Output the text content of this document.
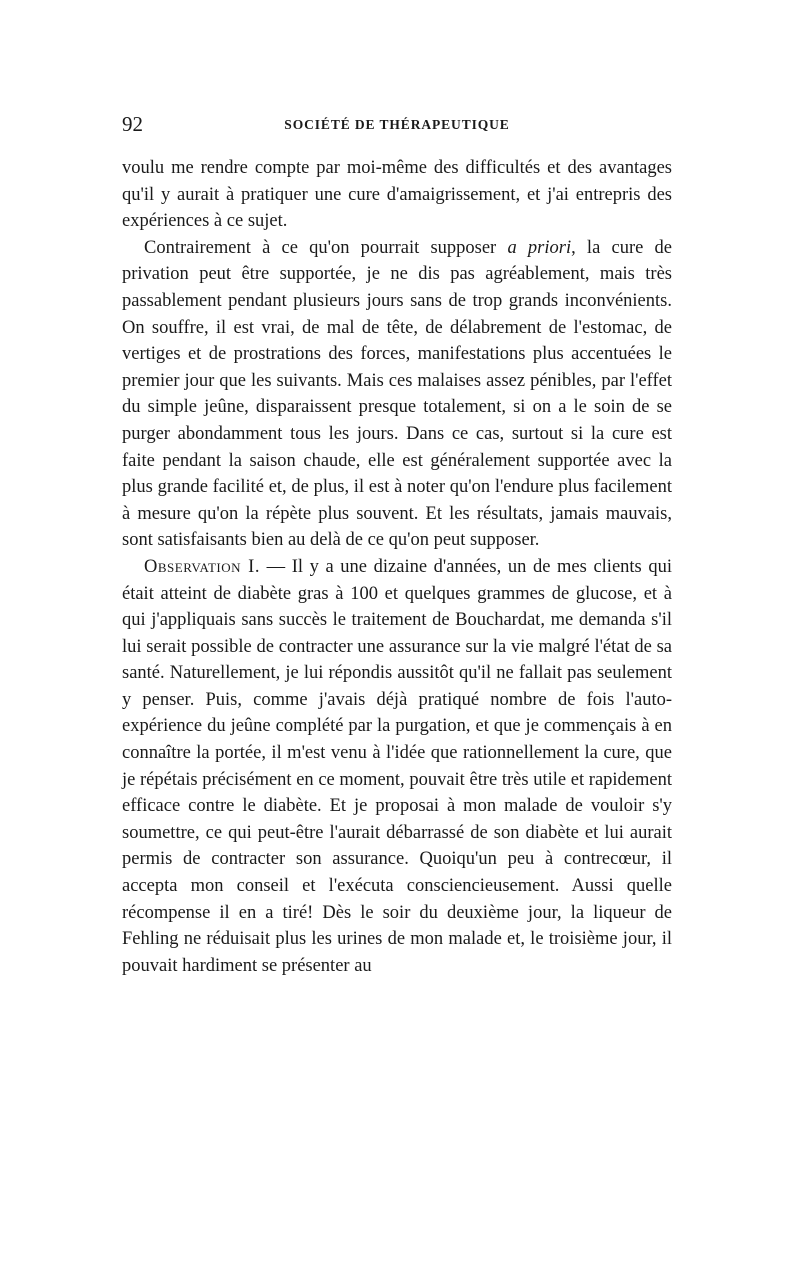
92	SOCIÉTÉ DE THÉRAPEUTIQUE

voulu me rendre compte par moi-même des difficultés et des avantages qu'il y aurait à pratiquer une cure d'amaigrissement, et j'ai entrepris des expériences à ce sujet.

Contrairement à ce qu'on pourrait supposer a priori, la cure de privation peut être supportée, je ne dis pas agréablement, mais très passablement pendant plusieurs jours sans de trop grands inconvénients. On souffre, il est vrai, de mal de tête, de délabrement de l'estomac, de vertiges et de prostrations des forces, manifestations plus accentuées le premier jour que les suivants. Mais ces malaises assez pénibles, par l'effet du simple jeûne, disparaissent presque totalement, si on a le soin de se purger abondamment tous les jours. Dans ce cas, surtout si la cure est faite pendant la saison chaude, elle est généralement supportée avec la plus grande facilité et, de plus, il est à noter qu'on l'endure plus facilement à mesure qu'on la répète plus souvent. Et les résultats, jamais mauvais, sont satisfaisants bien au delà de ce qu'on peut supposer.

Observation I. — Il y a une dizaine d'années, un de mes clients qui était atteint de diabète gras à 100 et quelques grammes de glucose, et à qui j'appliquais sans succès le traitement de Bouchardat, me demanda s'il lui serait possible de contracter une assurance sur la vie malgré l'état de sa santé. Naturellement, je lui répondis aussitôt qu'il ne fallait pas seulement y penser. Puis, comme j'avais déjà pratiqué nombre de fois l'auto-expérience du jeûne complété par la purgation, et que je commençais à en connaître la portée, il m'est venu à l'idée que rationnellement la cure, que je répétais précisément en ce moment, pouvait être très utile et rapidement efficace contre le diabète. Et je proposai à mon malade de vouloir s'y soumettre, ce qui peut-être l'aurait débarrassé de son diabète et lui aurait permis de contracter son assurance. Quoiqu'un peu à contrecœur, il accepta mon conseil et l'exécuta consciencieusement. Aussi quelle récompense il en a tiré! Dès le soir du deuxième jour, la liqueur de Fehling ne réduisait plus les urines de mon malade et, le troisième jour, il pouvait hardiment se présenter au
